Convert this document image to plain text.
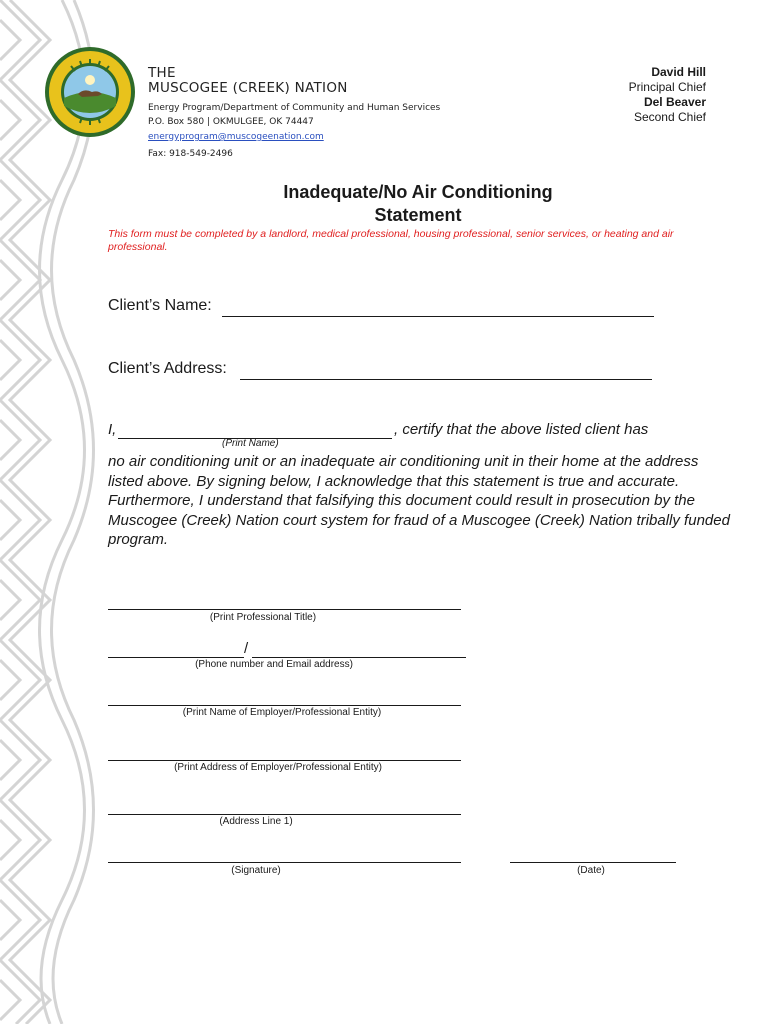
THE
MUSCOGEE (CREEK) NATION
Energy Program/Department of Community and Human Services
P.O. Box 580 | OKMULGEE, OK 74447
energyprogram@muscogeenation.com
Fax: 918-549-2496
David Hill
Principal Chief
Del Beaver
Second Chief
Inadequate/No Air Conditioning
Statement
This form must be completed by a landlord, medical professional, housing professional, senior services, or heating and air professional.
Client’s Name:
Client’s Address:
I,	, certify that the above listed client has
(Print Name)
no air conditioning unit or an inadequate air conditioning unit in their home at the address listed above. By signing below, I acknowledge that this statement is true and accurate. Furthermore, I understand that falsifying this document could result in prosecution by the Muscogee (Creek) Nation court system for fraud of a Muscogee (Creek) Nation tribally funded program.
(Print Professional Title)
/
(Phone number and Email address)
(Print Name of Employer/Professional Entity)
(Print Address of Employer/Professional Entity)
(Address Line 1)
(Signature)	(Date)
